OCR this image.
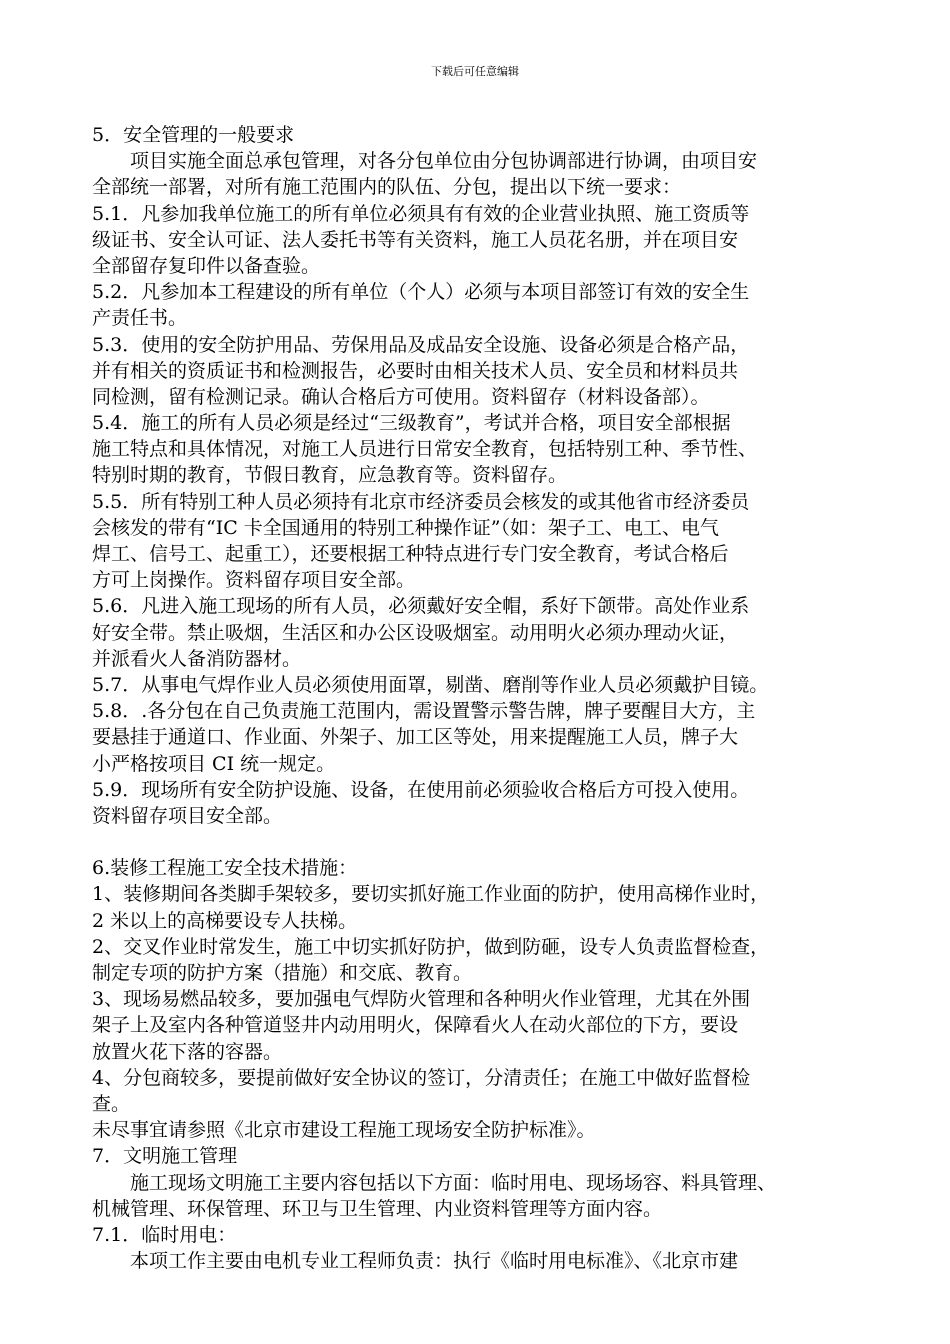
下载后可任意编辑
5．安全管理的一般要求
项目实施全面总承包管理，对各分包单位由分包协调部进行协调，由项目安
全部统一部署，对所有施工范围内的队伍、分包，提出以下统一要求：
5.1．凡参加我单位施工的所有单位必须具有有效的企业营业执照、施工资质等
级证书、安全认可证、法人委托书等有关资料，施工人员花名册，并在项目安
全部留存复印件以备查验。
5.2．凡参加本工程建设的所有单位（个人）必须与本项目部签订有效的安全生
产责任书。
5.3．使用的安全防护用品、劳保用品及成品安全设施、设备必须是合格产品，
并有相关的资质证书和检测报告，必要时由相关技术人员、安全员和材料员共
同检测，留有检测记录。确认合格后方可使用。资料留存（材料设备部）。
5.4．施工的所有人员必须是经过“三级教育”，考试并合格，项目安全部根据
施工特点和具体情况，对施工人员进行日常安全教育，包括特别工种、季节性、
特别时期的教育，节假日教育，应急教育等。资料留存。
5.5．所有特别工种人员必须持有北京市经济委员会核发的或其他省市经济委员
会核发的带有“IC 卡全国通用的特别工种操作证”（如：架子工、电工、电气
焊工、信号工、起重工），还要根据工种特点进行专门安全教育，考试合格后
方可上岗操作。资料留存项目安全部。
5.6．凡进入施工现场的所有人员，必须戴好安全帽，系好下颌带。高处作业系
好安全带。禁止吸烟，生活区和办公区设吸烟室。动用明火必须办理动火证，
并派看火人备消防器材。
5.7．从事电气焊作业人员必须使用面罩，剔凿、磨削等作业人员必须戴护目镜。
5.8．.各分包在自己负责施工范围内，需设置警示警告牌，牌子要醒目大方，主
要悬挂于通道口、作业面、外架子、加工区等处，用来提醒施工人员，牌子大
小严格按项目 CI 统一规定。
5.9．现场所有安全防护设施、设备，在使用前必须验收合格后方可投入使用。
资料留存项目安全部。
6.装修工程施工安全技术措施：
1、装修期间各类脚手架较多，要切实抓好施工作业面的防护，使用高梯作业时，
2 米以上的高梯要设专人扶梯。
2、交叉作业时常发生，施工中切实抓好防护，做到防砸，设专人负责监督检查，
制定专项的防护方案（措施）和交底、教育。
3、现场易燃品较多，要加强电气焊防火管理和各种明火作业管理，尤其在外围
架子上及室内各种管道竖井内动用明火，保障看火人在动火部位的下方，要设
放置火花下落的容器。
4、分包商较多，要提前做好安全协议的签订，分清责任；在施工中做好监督检
查。
未尽事宜请参照《北京市建设工程施工现场安全防护标准》。
7．文明施工管理
施工现场文明施工主要内容包括以下方面：临时用电、现场场容、料具管理、
机械管理、环保管理、环卫与卫生管理、内业资料管理等方面内容。
7.1．临时用电：
本项工作主要由电机专业工程师负责：执行《临时用电标准》、《北京市建
